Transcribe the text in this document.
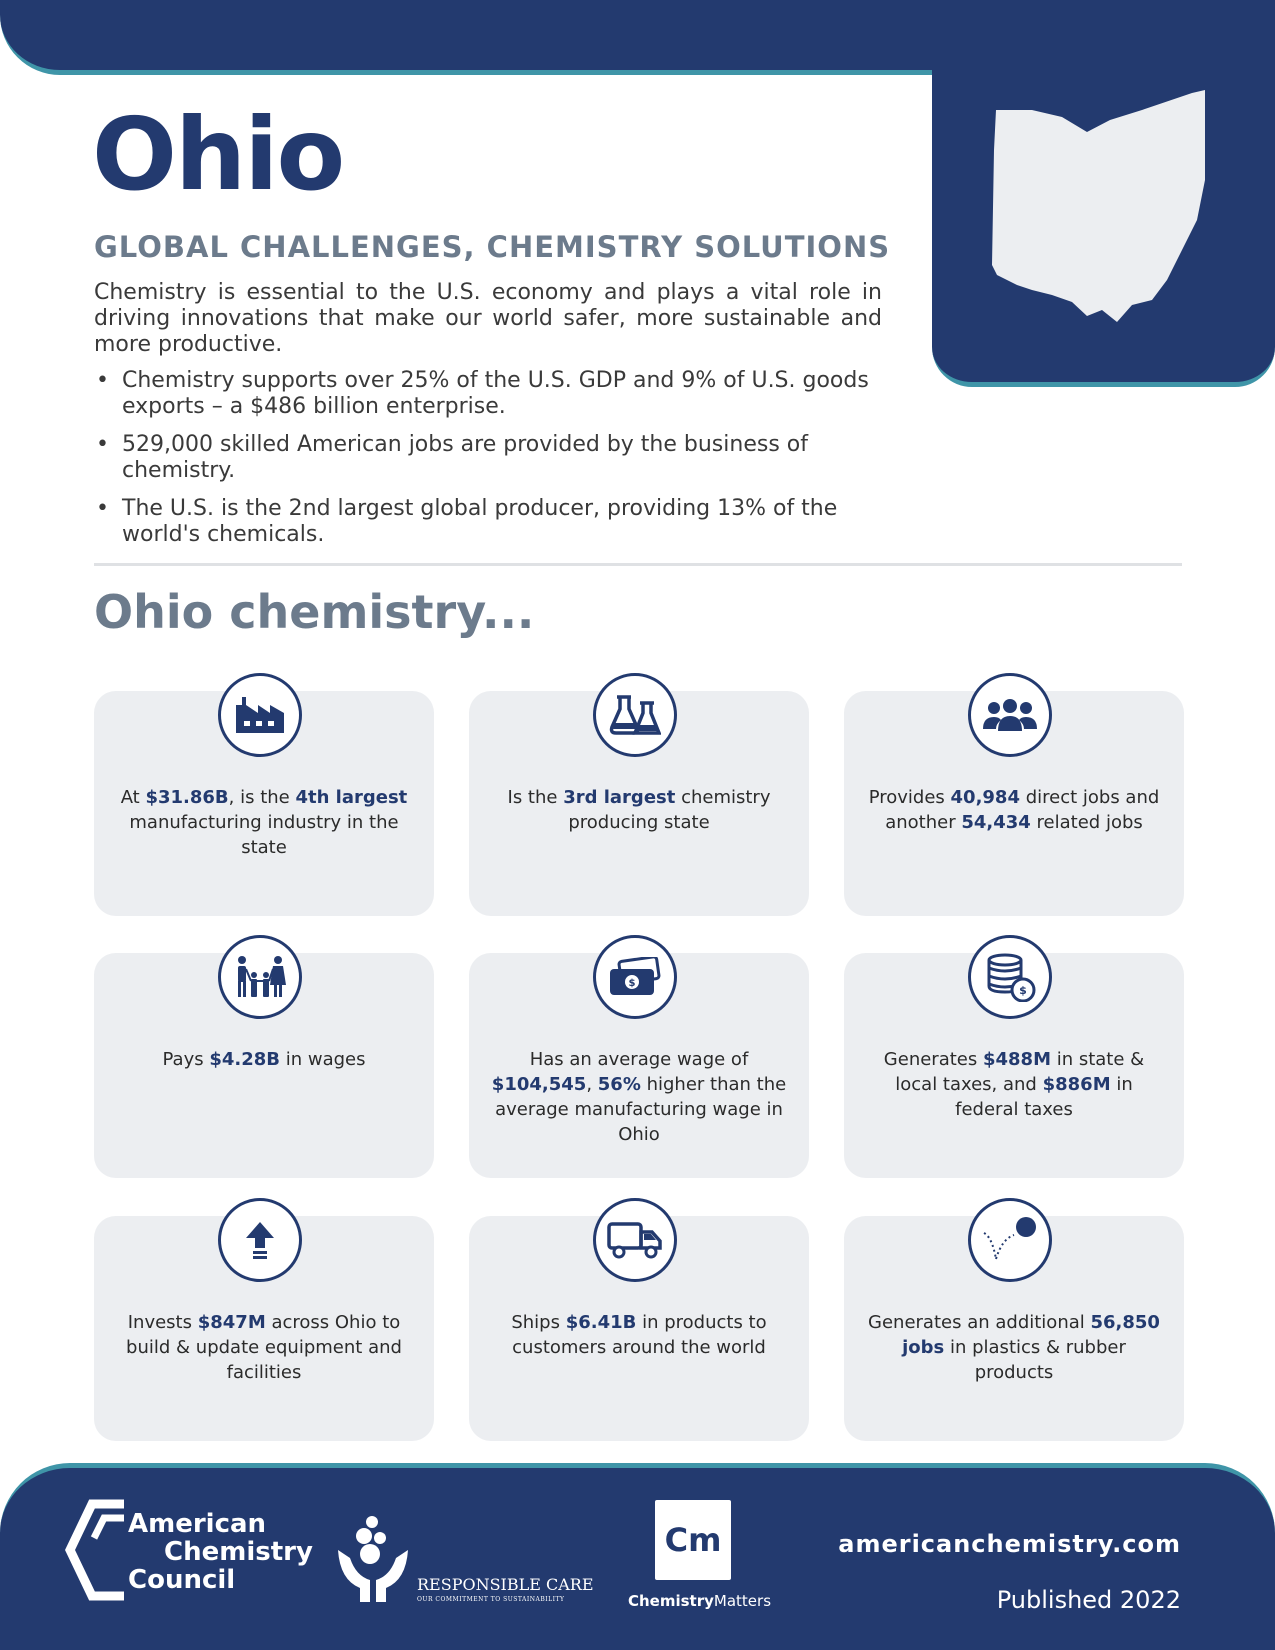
Ohio

GLOBAL CHALLENGES, CHEMISTRY SOLUTIONS

Chemistry is essential to the U.S. economy and plays a vital role in driving innovations that make our world safer, more sustainable and more productive.

• Chemistry supports over 25% of the U.S. GDP and 9% of U.S. goods exports – a $486 billion enterprise.
• 529,000 skilled American jobs are provided by the business of chemistry.
• The U.S. is the 2nd largest global producer, providing 13% of the world's chemicals.
Ohio chemistry...
At $31.86B, is the 4th largest manufacturing industry in the state
Is the 3rd largest chemistry producing state
Provides 40,984 direct jobs and another 54,434 related jobs
Pays $4.28B in wages
$
Has an average wage of $104,545, 56% higher than the average manufacturing wage in Ohio
$
Generates $488M in state & local taxes, and $886M in federal taxes
Invests $847M across Ohio to build & update equipment and facilities
Ships $6.41B in products to customers around the world
Generates an additional 56,850 jobs in plastics & rubber products
American
Chemistry
Council	RESPONSIBLE CARE
OUR COMMITMENT TO SUSTAINABILITY
Cm
ChemistryMatters
americanchemistry.com
Published 2022
